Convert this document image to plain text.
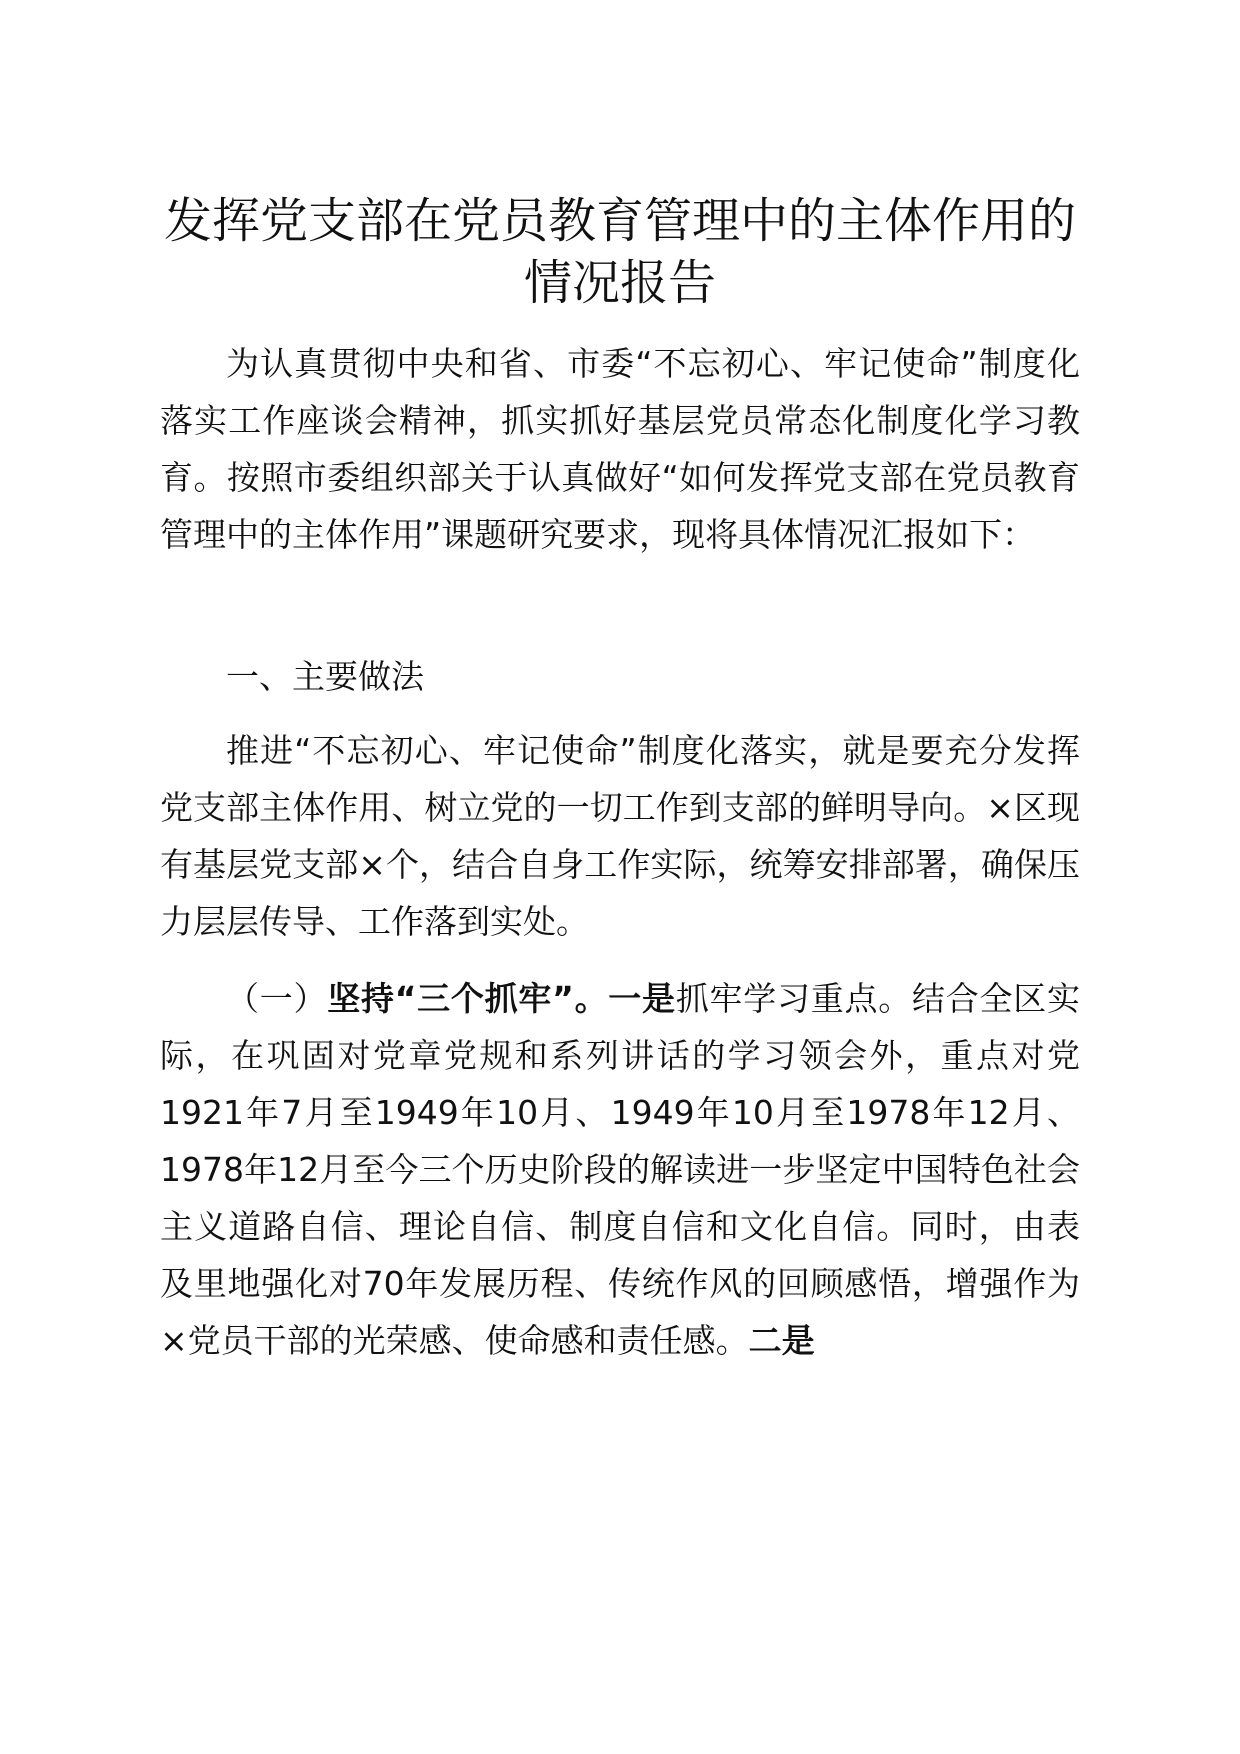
发挥党支部在党员教育管理中的主体作用的情况报告

为认真贯彻中央和省、市委“不忘初心、牢记使命”制度化落实工作座谈会精神，抓实抓好基层党员常态化制度化学习教育。按照市委组织部关于认真做好“如何发挥党支部在党员教育管理中的主体作用”课题研究要求，现将具体情况汇报如下：

一、主要做法

推进“不忘初心、牢记使命”制度化落实，就是要充分发挥党支部主体作用、树立党的一切工作到支部的鲜明导向。×区现有基层党支部×个，结合自身工作实际，统筹安排部署，确保压力层层传导、工作落到实处。

（一）坚持“三个抓牢”。一是抓牢学习重点。结合全区实际，在巩固对党章党规和系列讲话的学习领会外，重点对党1921年7月至1949年10月、1949年10月至1978年12月、1978年12月至今三个历史阶段的解读进一步坚定中国特色社会主义道路自信、理论自信、制度自信和文化自信。同时，由表及里地强化对70年发展历程、传统作风的回顾感悟，增强作为×党员干部的光荣感、使命感和责任感。二是
